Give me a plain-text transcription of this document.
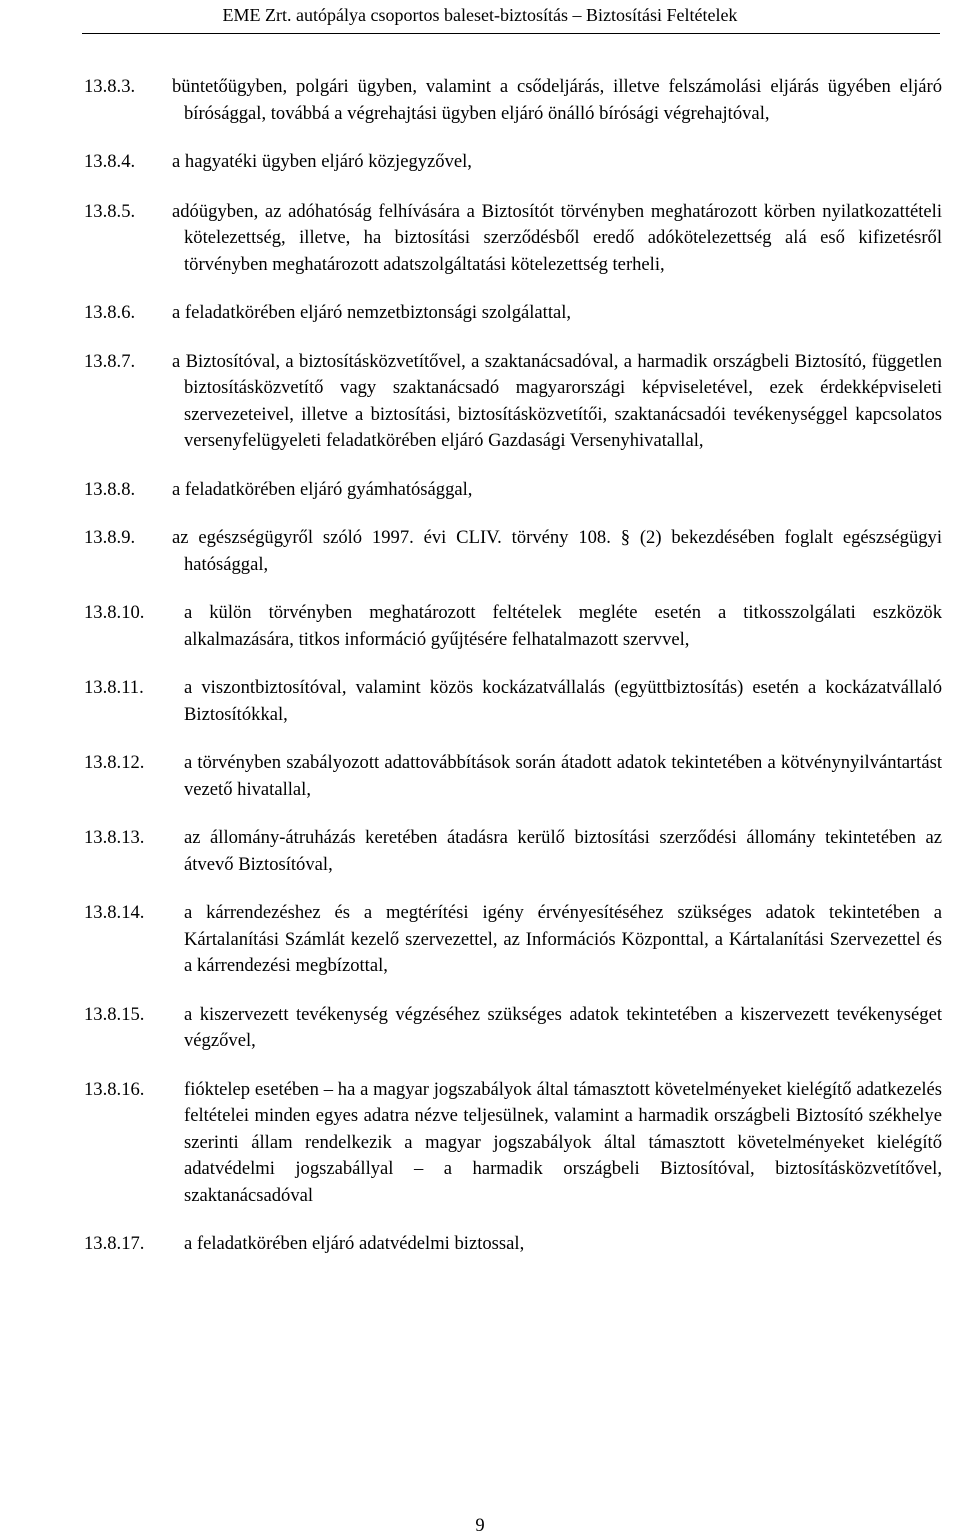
EME Zrt. autópálya csoportos baleset-biztosítás – Biztosítási Feltételek
13.8.3. büntetőügyben, polgári ügyben, valamint a csődeljárás, illetve felszámolási eljárás ügyében eljáró bírósággal, továbbá a végrehajtási ügyben eljáró önálló bírósági végrehajtóval,
13.8.4. a hagyatéki ügyben eljáró közjegyzővel,
13.8.5. adóügyben, az adóhatóság felhívására a Biztosítót törvényben meghatározott körben nyilatkozattételi kötelezettség, illetve, ha biztosítási szerződésből eredő adókötelezettség alá eső kifizetésről törvényben meghatározott adatszolgáltatási kötelezettség terheli,
13.8.6. a feladatkörében eljáró nemzetbiztonsági szolgálattal,
13.8.7. a Biztosítóval, a biztosításközvetítővel, a szaktanácsadóval, a harmadik országbeli Biztosító, független biztosításközvetítő vagy szaktanácsadó magyarországi képviseletével, ezek érdekképviseleti szervezeteivel, illetve a biztosítási, biztosításközvetítői, szaktanácsadói tevékenységgel kapcsolatos versenyfelügyeleti feladatkörében eljáró Gazdasági Versenyhivatallal,
13.8.8. a feladatkörében eljáró gyámhatósággal,
13.8.9. az egészségügyről szóló 1997. évi CLIV. törvény 108. § (2) bekezdésében foglalt egészségügyi hatósággal,
13.8.10.	a külön törvényben meghatározott feltételek megléte esetén a titkosszolgálati eszközök alkalmazására, titkos információ gyűjtésére felhatalmazott szervvel,
13.8.11.	a viszontbiztosítóval, valamint közös kockázatvállalás (együttbiztosítás) esetén a kockázatvállaló Biztosítókkal,
13.8.12.	a törvényben szabályozott adattovábbítások során átadott adatok tekintetében a kötvénynyilvántartást vezető hivatallal,
13.8.13.	az állomány-átruházás keretében átadásra kerülő biztosítási szerződési állomány tekintetében az átvevő Biztosítóval,
13.8.14.	a kárrendezéshez és a megtérítési igény érvényesítéséhez szükséges adatok tekintetében a Kártalanítási Számlát kezelő szervezettel, az Információs Központtal, a Kártalanítási Szervezettel és a kárrendezési megbízottal,
13.8.15.	a kiszervezett tevékenység végzéséhez szükséges adatok tekintetében a kiszervezett tevékenységet végzővel,
13.8.16.	fióktelep esetében – ha a magyar jogszabályok által támasztott követelményeket kielégítő adatkezelés feltételei minden egyes adatra nézve teljesülnek, valamint a harmadik országbeli Biztosító székhelye szerinti állam rendelkezik a magyar jogszabályok által támasztott követelményeket kielégítő adatvédelmi jogszabállyal – a harmadik országbeli Biztosítóval, biztosításközvetítővel, szaktanácsadóval
13.8.17.	a feladatkörében eljáró adatvédelmi biztossal,
9
